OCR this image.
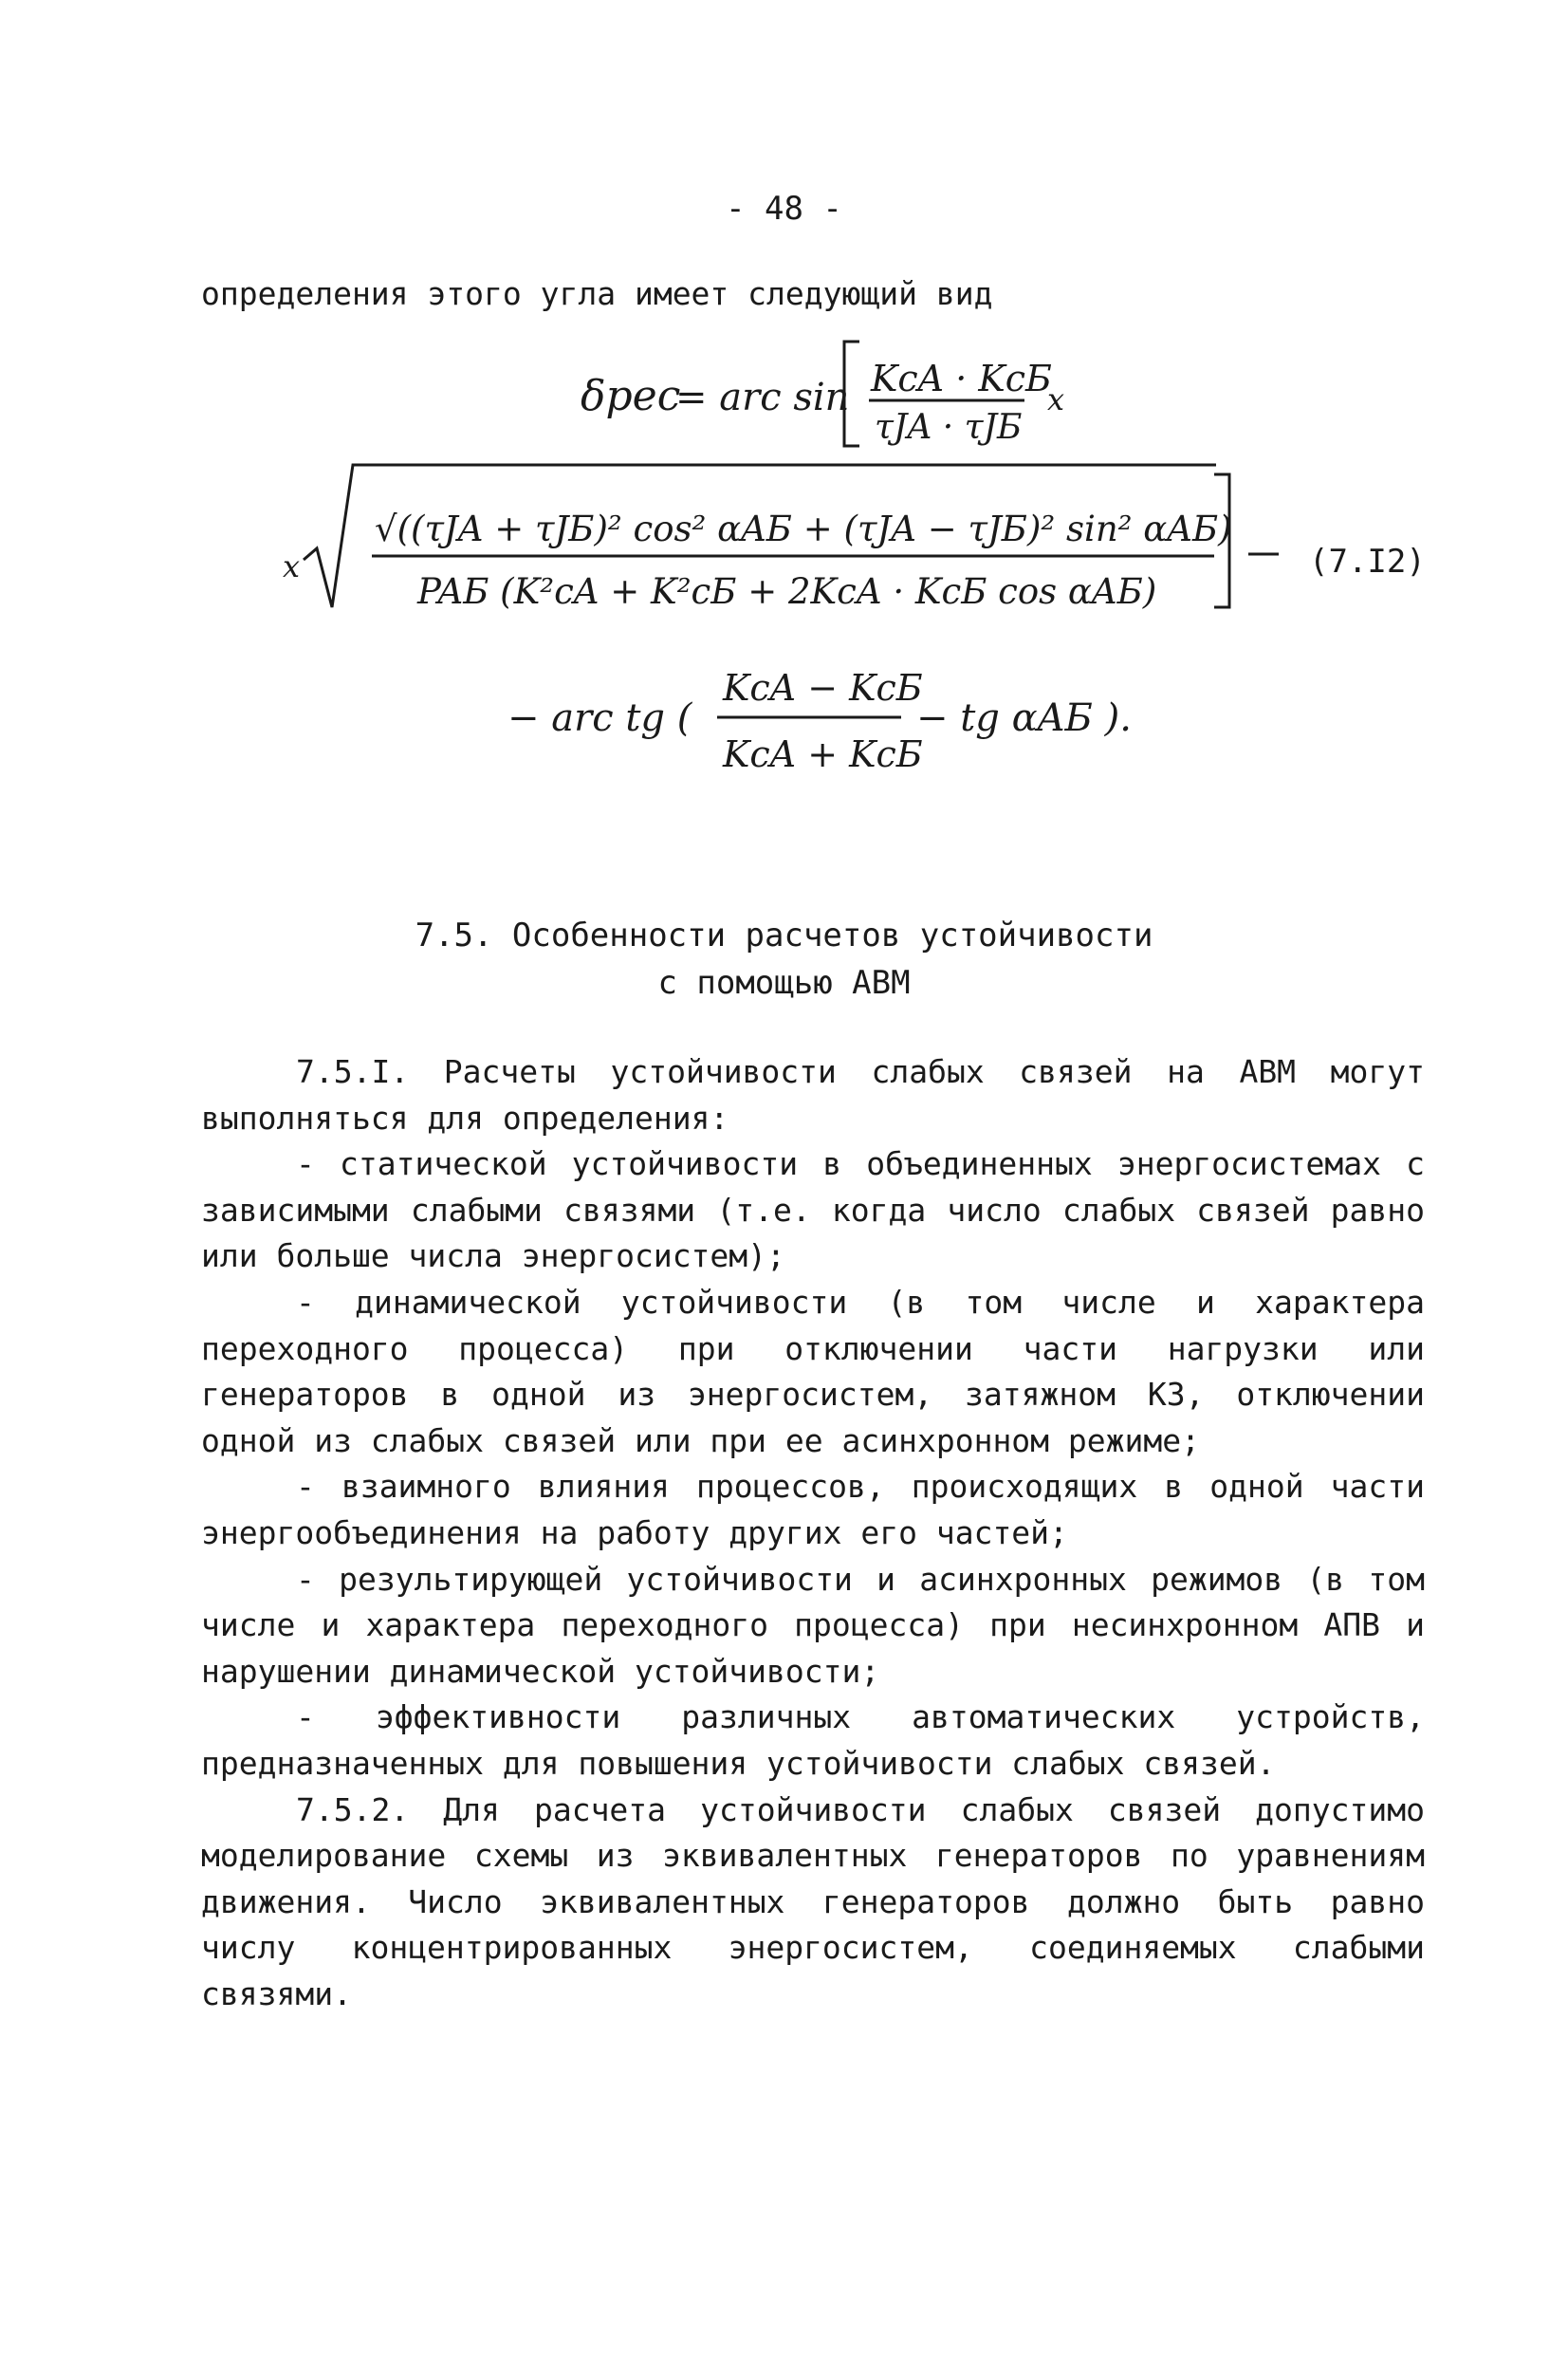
- 48 -
определения этого угла имеет следующий вид
δрес
= arc sin KcA · KcБ
τJA · τJБ
x
x
√((τJA + τJБ)² cos² αAБ + (τJA − τJБ)² sin² αAБ)
PAБ (K²cA + K²cБ + 2KcA · KcБ cos αAБ)
(7.I2)
− arc tg (
KcA − KcБ
KcA + KcБ
− tg αAБ ).
7.5. Особенности расчетов устойчивости
с помощью АВМ

7.5.I. Расчеты устойчивости слабых связей на АВМ могут выполняться для определения:

- статической устойчивости в объединенных энергосистемах с зависимыми слабыми связями (т.е. когда число слабых связей равно или больше числа энергосистем);

- динамической устойчивости (в том числе и характера переходного процесса) при отключении части нагрузки или генераторов в одной из энергосистем, затяжном КЗ, отключении одной из слабых связей или при ее асинхронном режиме;

- взаимного влияния процессов, происходящих в одной части энергообъединения на работу других его частей;

- результирующей устойчивости и асинхронных режимов (в том числе и характера переходного процесса) при несинхронном АПВ и нарушении динамической устойчивости;

- эффективности различных автоматических устройств, предназначенных для повышения устойчивости слабых связей.

7.5.2. Для расчета устойчивости слабых связей допустимо моделирование схемы из эквивалентных генераторов по уравнениям движения. Число эквивалентных генераторов должно быть равно числу концентрированных энергосистем, соединяемых слабыми связями.
